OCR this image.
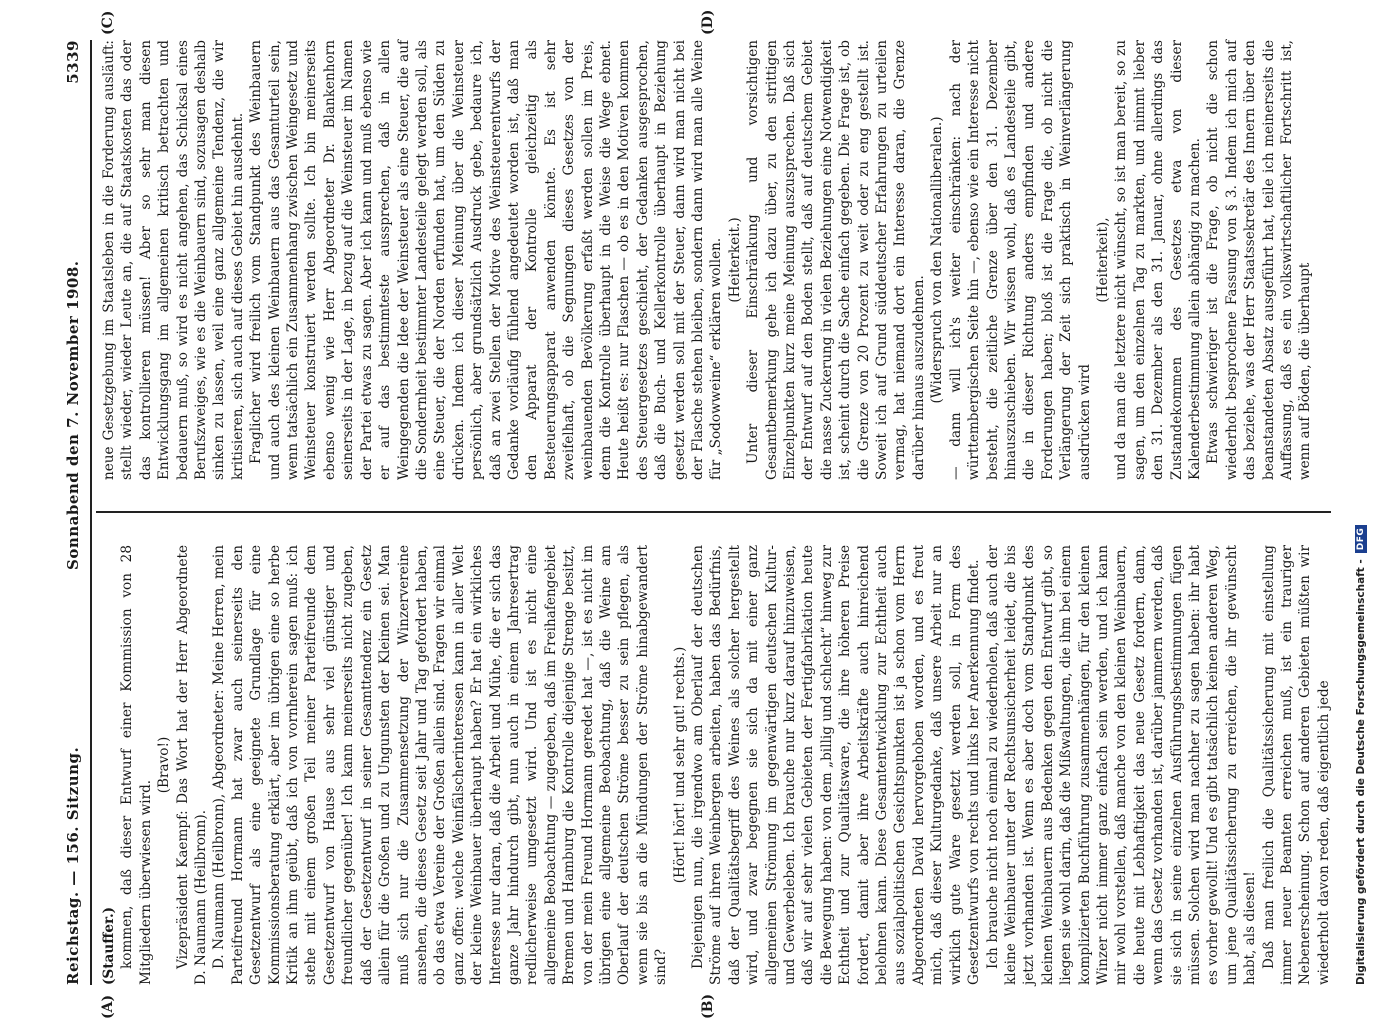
Reichstag. — 156. Sitzung.
Sonnabend den 7. November 1908.
5339
(A)	(B)
(C)	(D)

(Stauffer.) kommen, daß dieser Entwurf einer Kommission von 28 Mitgliedern überwiesen wird.

(Bravo!) Vizepräsident Kaempf: Das Wort hat der Herr Abgeordnete D. Naumann (Heilbronn). D. Naumann (Heilbronn), Abgeordneter: Meine Herren, mein Parteifreund Hormann hat zwar auch seinerseits den Gesetzentwurf als eine geeignete Grundlage für eine Kommissionsberatung erklärt, aber im übrigen eine so herbe Kritik an ihm geübt, daß ich von vornherein sagen muß: ich stehe mit einem großen Teil meiner Parteifreunde dem Gesetzentwurf von Hause aus sehr viel günstiger und freundlicher gegenüber! Ich kann meinerseits nicht zugeben, daß der Gesetzentwurf in seiner Gesamttendenz ein Gesetz allein für die Großen und zu Ungunsten der Kleinen sei. Man muß sich nur die Zusammensetzung der Winzervereine ansehen, die dieses Gesetz seit Jahr und Tag gefordert haben, ob das etwa Vereine der Großen allein sind. Fragen wir einmal ganz offen: welche Weinfälscherinteressen kann in aller Welt der kleine Weinbauer überhaupt haben? Er hat ein wirkliches Interesse nur daran, daß die Arbeit und Mühe, die er sich das ganze Jahr hindurch gibt, nun auch in einem Jahresertrag redlicherweise umgesetzt wird. Und ist es nicht eine allgemeine Beobachtung — zugegeben, daß im Freihafengebiet Bremen und Hamburg die Kontrolle diejenige Strenge besitzt, von der mein Freund Hormann geredet hat —, ist es nicht im übrigen eine allgemeine Beobachtung, daß die Weine am Oberlauf der deutschen Ströme besser zu sein pflegen, als wenn sie bis an die Mündungen der Ströme hinabgewandert sind?

(Hört! hört! und sehr gut! rechts.) Diejenigen nun, die irgendwo am Oberlauf der deutschen Ströme auf ihren Weinbergen arbeiten, haben das Bedürfnis, daß der Qualitätsbegriff des Weines als solcher hergestellt wird, und zwar begegnen sie sich da mit einer ganz allgemeinen Strömung im gegenwärtigen deutschen Kultur- und Gewerbeleben. Ich brauche nur kurz darauf hinzuweisen, daß wir auf sehr vielen Gebieten der Fertigfabrikation heute die Bewegung haben: von dem „billig und schlecht“ hinweg zur Echtheit und zur Qualitätsware, die ihre höheren Preise fordert, damit aber ihre Arbeitskräfte auch hinreichend belohnen kann. Diese Gesamtentwicklung zur Echtheit auch aus sozialpolitischen Gesichtspunkten ist ja schon vom Herrn Abgeordneten David hervorgehoben worden, und es freut mich, daß dieser Kulturgedanke, daß unsere Arbeit nur an wirklich gute Ware gesetzt werden soll, in Form des Gesetzentwurfs von rechts und links her Anerkennung findet. Ich brauche nicht noch einmal zu wiederholen, daß auch der kleine Weinbauer unter der Rechtsunsicherheit leidet, die bis jetzt vorhanden ist. Wenn es aber doch vom Standpunkt des kleinen Weinbauern aus Bedenken gegen den Entwurf gibt, so liegen sie wohl darin, daß die Mißwaltungen, die ihm bei einem komplizierten Buchführung zusammenhängen, für den kleinen Winzer nicht immer ganz einfach sein werden, und ich kann mir wohl vorstellen, daß manche von den kleinen Weinbauern, die heute mit Lebhaftigkeit das neue Gesetz fordern, dann, wenn das Gesetz vorhanden ist, darüber jammern werden, daß sie sich in seine einzelnen Ausführungsbestimmungen fügen müssen. Solchen wird man nachher zu sagen haben: ihr habt es vorher gewollt! Und es gibt tatsächlich keinen anderen Weg, um jene Qualitätssicherung zu erreichen, die ihr gewünscht habt, als diesen! Daß man freilich die Qualitätssicherung mit einstellung immer neuer Beamten erreichen muß, ist ein trauriger Nebenerscheinung. Schon auf anderen Gebieten müßten wir wiederholt davon reden, daß eigentlich jede

neue Gesetzgebung im Staatsleben in die Forderung ausläuft: stellt wieder, wieder Leute an, die auf Staatskosten das oder das kontrollieren müssen! Aber so sehr man diesen Entwicklungsgang im allgemeinen kritisch betrachten und bedauern muß, so wird es nicht angehen, das Schicksal eines Berufszweiges, wie es die Weinbauern sind, sozusagen deshalb sinken zu lassen, weil eine ganz allgemeine Tendenz, die wir kritisieren, sich auch auf dieses Gebiet hin ausdehnt. Fraglicher wird freilich vom Standpunkt des Weinbauern und auch des kleinen Weinbauern aus das Gesamturteil sein, wenn tatsächlich ein Zusammenhang zwischen Weingesetz und Weinsteuer konstruiert werden sollte. Ich bin meinerseits ebenso wenig wie Herr Abgeordneter Dr. Blankenhorn seinerseits in der Lage, in bezug auf die Weinsteuer im Namen der Partei etwas zu sagen. Aber ich kann und muß ebenso wie er auf das bestimmteste aussprechen, daß in allen Weingegenden die Idee der Weinsteuer als eine Steuer, die auf die Sondernheit bestimmter Landesteile gelegt werden soll, als eine Steuer, die der Norden erfunden hat, um den Süden zu drücken. Indem ich dieser Meinung über die Weinsteuer persönlich, aber grundsätzlich Ausdruck gebe, bedaure ich, daß an zwei Stellen der Motive des Weinsteuerentwurfs der Gedanke vorläufig fühlend angedeutet worden ist, daß man den Apparat der Kontrolle gleichzeitig als Besteuerungsapparat anwenden könnte. Es ist sehr zweifelhaft, ob die Segnungen dieses Gesetzes von der weinbauenden Bevölkerung erfaßt werden sollen im Preis, denn die Kontrolle überhaupt in die Weise die Wege ebnet. Heute heißt es: nur Flaschen — ob es in den Motiven kommen des Steuergesetzes geschieht, der Gedanken ausgesprochen, daß die Buch- und Kellerkontrolle überhaupt in Beziehung gesetzt werden soll mit der Steuer, dann wird man nicht bei der Flasche stehen bleiben, sondern dann wird man alle Weine für „Sodowweine“ erklären wollen. (Heiterkeit.) Unter dieser Einschränkung und vorsichtigen Gesamtbemerkung gehe ich dazu über, zu den strittigen Einzelpunkten kurz meine Meinung auszusprechen. Daß sich der Entwurf auf den Boden stellt, daß auf deutschem Gebiet die nasse Zuckerung in vielen Beziehungen eine Notwendigkeit ist, scheint durch die Sache einfach gegeben. Die Frage ist, ob die Grenze von 20 Prozent zu weit oder zu eng gestellt ist. Soweit ich auf Grund süddeutscher Erfahrungen zu urteilen vermag, hat niemand dort ein Interesse daran, die Grenze darüber hinaus auszudehnen. (Widerspruch von den Nationalliberalen.) — dann will ich's weiter einschränken: nach der württembergischen Seite hin —, ebenso wie ein Interesse nicht besteht, die zeitliche Grenze über den 31. Dezember hinauszuschieben. Wir wissen wohl, daß es Landesteile gibt, die in dieser Richtung anders empfinden und andere Forderungen haben; bloß ist die Frage die, ob nicht die Verlängerung der Zeit sich praktisch in Weinverlängerung ausdrücken wird

(Heiterkeit), und da man die letztere nicht wünscht, so ist man bereit, so zu sagen, um den einzelnen Tag zu markten, und nimmt lieber den 31. Dezember als den 31. Januar, ohne allerdings das Zustandekommen des Gesetzes etwa von dieser Kalenderbestimmung allein abhängig zu machen. Etwas schwieriger ist die Frage, ob nicht die schon wiederholt besprochene Fassung von § 3. Indem ich mich auf das beziehe, was der Herr Staatssekretär des Innern über den beanstandeten Absatz ausgeführt hat, teile ich meinerseits die Auffassung, daß es ein volkswirtschaftlicher Fortschritt ist, wenn auf Böden, die überhaupt

Digitalisierung gefördert durch die Deutsche Forschungsgemeinschaft -
DFG
